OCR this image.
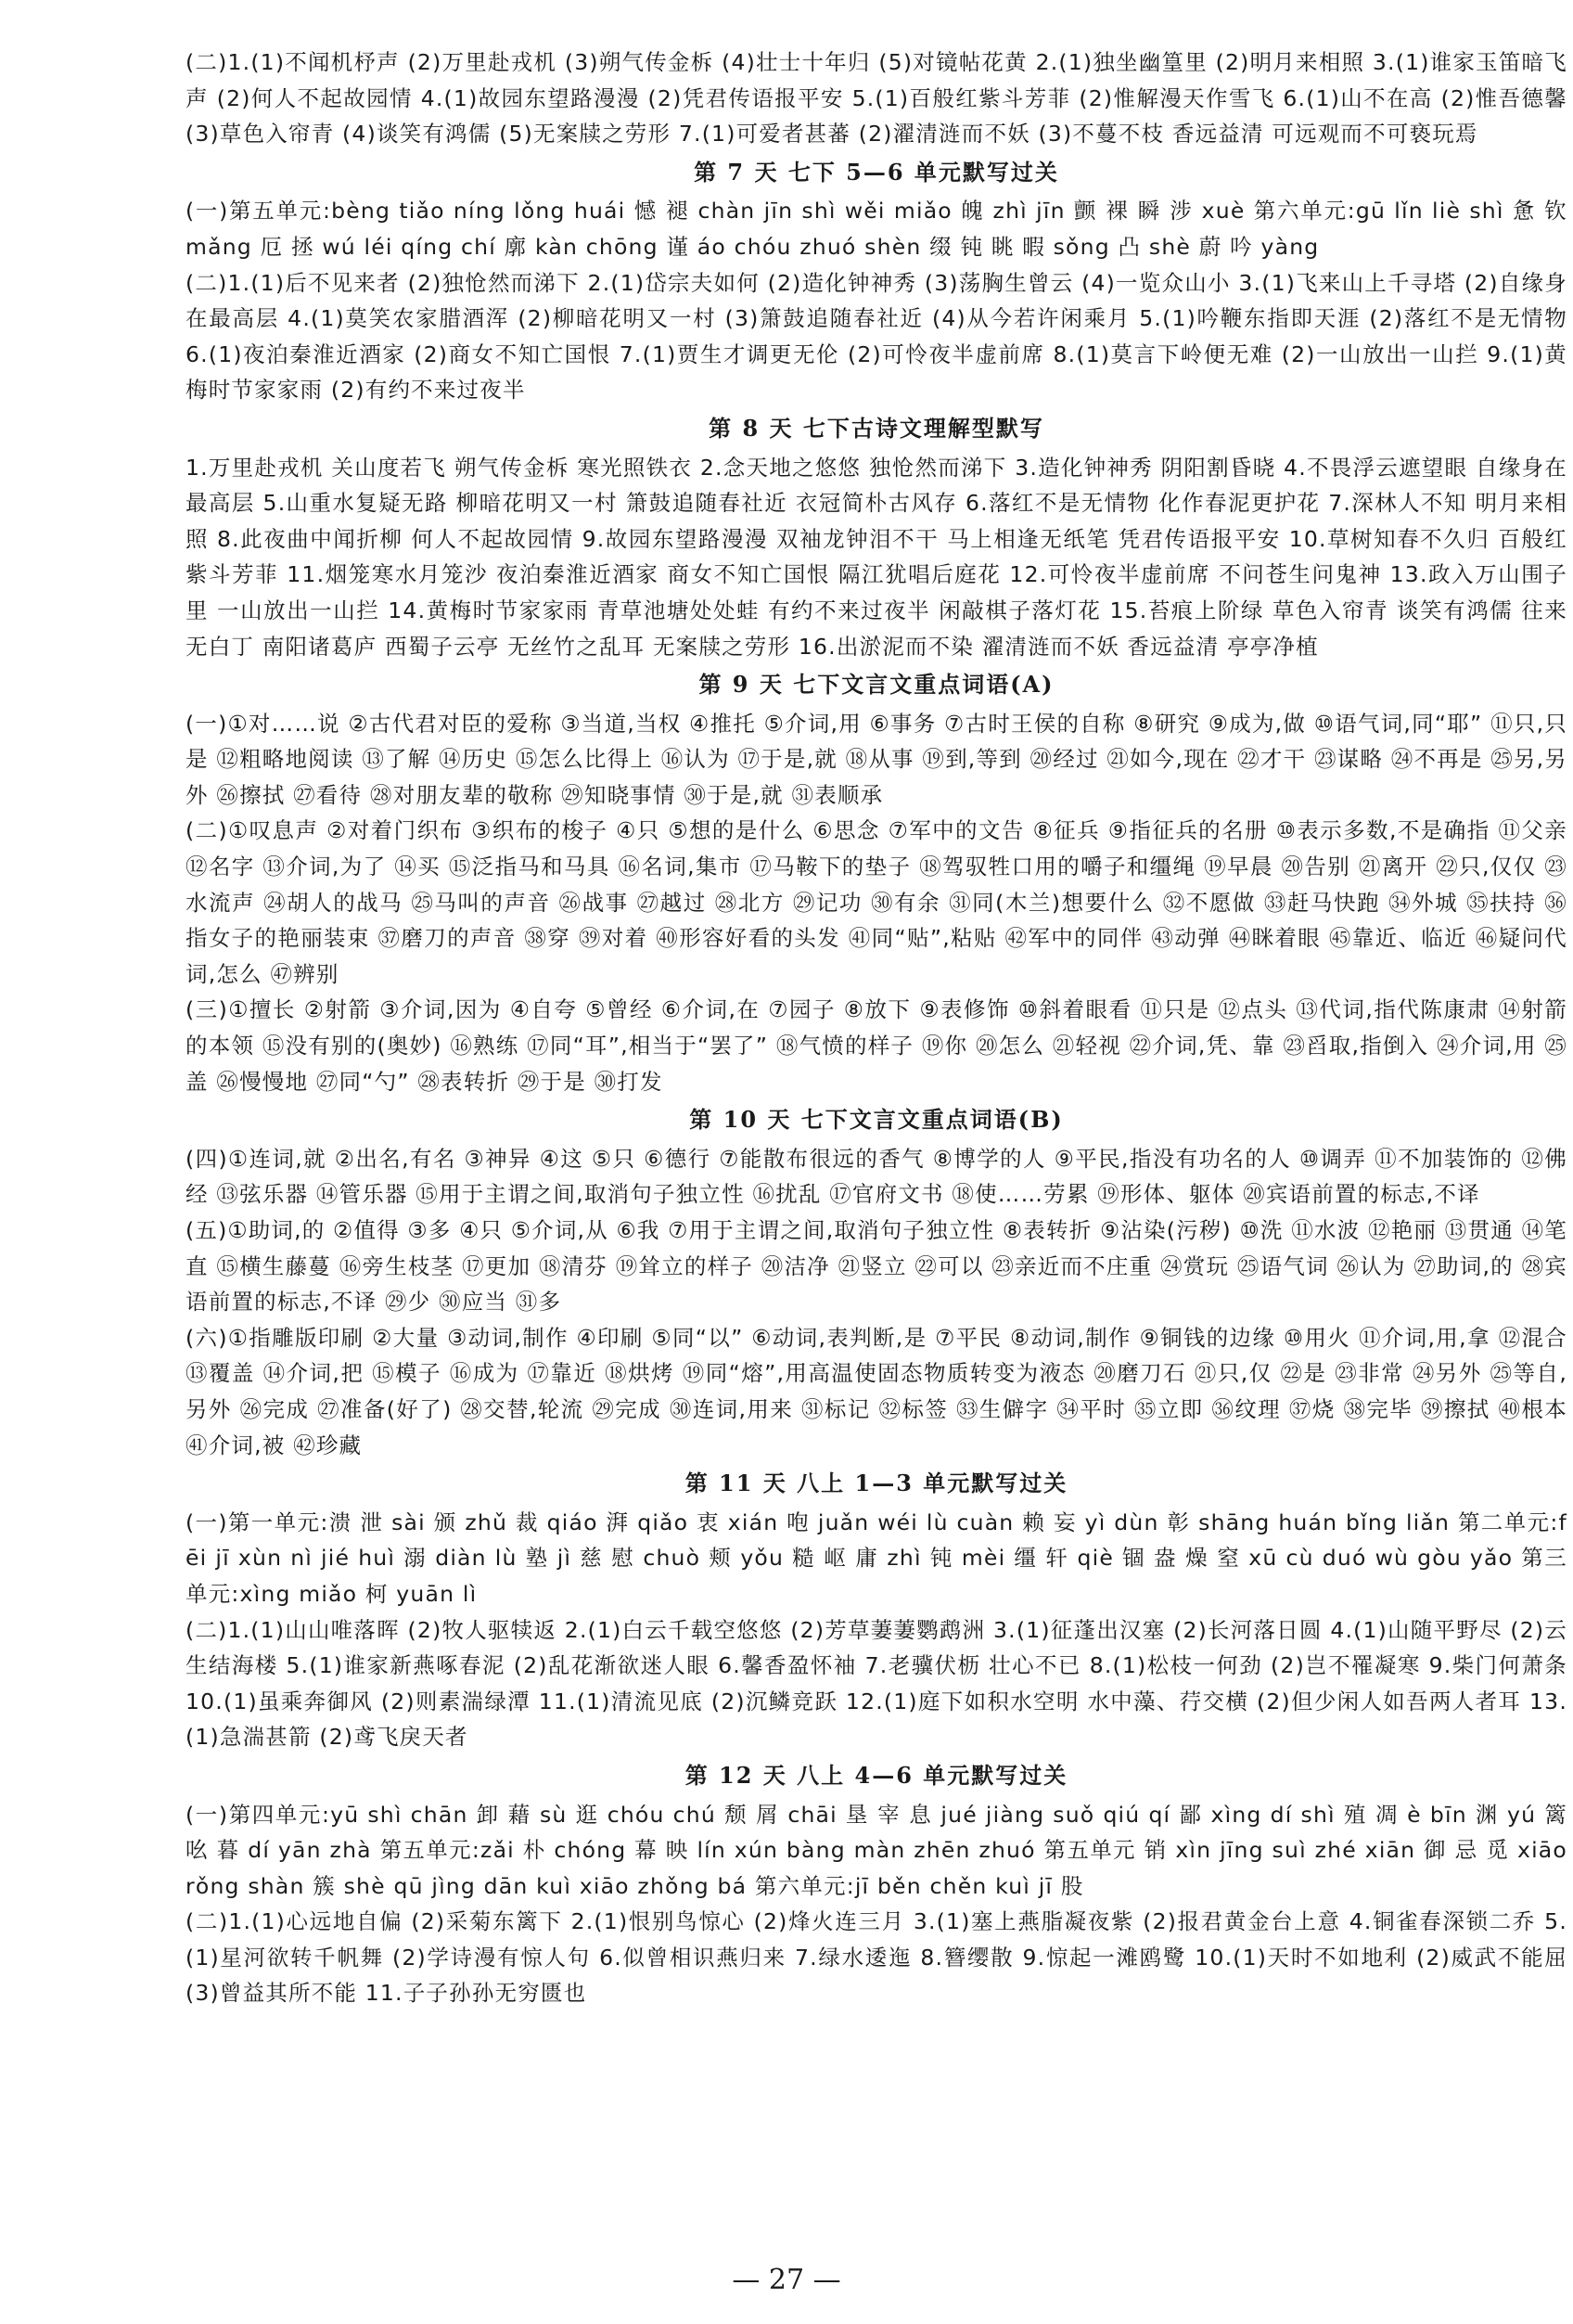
(二)1.(1)不闻机杼声 (2)万里赴戎机 (3)朔气传金柝 (4)壮士十年归 (5)对镜帖花黄 2.(1)独坐幽篁里 (2)明月来相照 3.(1)谁家玉笛暗飞声 (2)何人不起故园情 4.(1)故园东望路漫漫 (2)凭君传语报平安 5.(1)百般红紫斗芳菲 (2)惟解漫天作雪飞 6.(1)山不在高 (2)惟吾德馨 (3)草色入帘青 (4)谈笑有鸿儒 (5)无案牍之劳形 7.(1)可爱者甚蕃 (2)濯清涟而不妖 (3)不蔓不枝 香远益清 可远观而不可亵玩焉

第 7 天 七下 5—6 单元默写过关

(一)第五单元:bèng tiǎo níng lǒng huái 憾 褪 chàn jīn shì wěi miǎo 魄 zhì jīn 颤 裸 瞬 涉 xuè 第六单元:gū lǐn liè shì 惫 钦 mǎng 厄 拯 wú léi qíng chí 廓 kàn chōng 谨 áo chóu zhuó shèn 缀 钝 眺 暇 sǒng 凸 shè 蔚 吟 yàng

(二)1.(1)后不见来者 (2)独怆然而涕下 2.(1)岱宗夫如何 (2)造化钟神秀 (3)荡胸生曾云 (4)一览众山小 3.(1)飞来山上千寻塔 (2)自缘身在最高层 4.(1)莫笑农家腊酒浑 (2)柳暗花明又一村 (3)箫鼓追随春社近 (4)从今若许闲乘月 5.(1)吟鞭东指即天涯 (2)落红不是无情物 6.(1)夜泊秦淮近酒家 (2)商女不知亡国恨 7.(1)贾生才调更无伦 (2)可怜夜半虚前席 8.(1)莫言下岭便无难 (2)一山放出一山拦 9.(1)黄梅时节家家雨 (2)有约不来过夜半

第 8 天 七下古诗文理解型默写

1.万里赴戎机 关山度若飞 朔气传金柝 寒光照铁衣 2.念天地之悠悠 独怆然而涕下 3.造化钟神秀 阴阳割昏晓 4.不畏浮云遮望眼 自缘身在最高层 5.山重水复疑无路 柳暗花明又一村 箫鼓追随春社近 衣冠简朴古风存 6.落红不是无情物 化作春泥更护花 7.深林人不知 明月来相照 8.此夜曲中闻折柳 何人不起故园情 9.故园东望路漫漫 双袖龙钟泪不干 马上相逢无纸笔 凭君传语报平安 10.草树知春不久归 百般红紫斗芳菲 11.烟笼寒水月笼沙 夜泊秦淮近酒家 商女不知亡国恨 隔江犹唱后庭花 12.可怜夜半虚前席 不问苍生问鬼神 13.政入万山围子里 一山放出一山拦 14.黄梅时节家家雨 青草池塘处处蛙 有约不来过夜半 闲敲棋子落灯花 15.苔痕上阶绿 草色入帘青 谈笑有鸿儒 往来无白丁 南阳诸葛庐 西蜀子云亭 无丝竹之乱耳 无案牍之劳形 16.出淤泥而不染 濯清涟而不妖 香远益清 亭亭净植

第 9 天 七下文言文重点词语(A)

(一)①对……说 ②古代君对臣的爱称 ③当道,当权 ④推托 ⑤介词,用 ⑥事务 ⑦古时王侯的自称 ⑧研究 ⑨成为,做 ⑩语气词,同“耶” ⑪只,只是 ⑫粗略地阅读 ⑬了解 ⑭历史 ⑮怎么比得上 ⑯认为 ⑰于是,就 ⑱从事 ⑲到,等到 ⑳经过 ㉑如今,现在 ㉒才干 ㉓谋略 ㉔不再是 ㉕另,另外 ㉖擦拭 ㉗看待 ㉘对朋友辈的敬称 ㉙知晓事情 ㉚于是,就 ㉛表顺承

(二)①叹息声 ②对着门织布 ③织布的梭子 ④只 ⑤想的是什么 ⑥思念 ⑦军中的文告 ⑧征兵 ⑨指征兵的名册 ⑩表示多数,不是确指 ⑪父亲 ⑫名字 ⑬介词,为了 ⑭买 ⑮泛指马和马具 ⑯名词,集市 ⑰马鞍下的垫子 ⑱驾驭牲口用的嚼子和缰绳 ⑲早晨 ⑳告别 ㉑离开 ㉒只,仅仅 ㉓水流声 ㉔胡人的战马 ㉕马叫的声音 ㉖战事 ㉗越过 ㉘北方 ㉙记功 ㉚有余 ㉛同(木兰)想要什么 ㉜不愿做 ㉝赶马快跑 ㉞外城 ㉟扶持 ㊱指女子的艳丽装束 ㊲磨刀的声音 ㊳穿 ㊴对着 ㊵形容好看的头发 ㊶同“贴”,粘贴 ㊷军中的同伴 ㊸动弹 ㊹眯着眼 ㊺靠近、临近 ㊻疑问代词,怎么 ㊼辨别

(三)①擅长 ②射箭 ③介词,因为 ④自夸 ⑤曾经 ⑥介词,在 ⑦园子 ⑧放下 ⑨表修饰 ⑩斜着眼看 ⑪只是 ⑫点头 ⑬代词,指代陈康肃 ⑭射箭的本领 ⑮没有别的(奥妙) ⑯熟练 ⑰同“耳”,相当于“罢了” ⑱气愤的样子 ⑲你 ⑳怎么 ㉑轻视 ㉒介词,凭、靠 ㉓舀取,指倒入 ㉔介词,用 ㉕盖 ㉖慢慢地 ㉗同“勺” ㉘表转折 ㉙于是 ㉚打发

第 10 天 七下文言文重点词语(B)

(四)①连词,就 ②出名,有名 ③神异 ④这 ⑤只 ⑥德行 ⑦能散布很远的香气 ⑧博学的人 ⑨平民,指没有功名的人 ⑩调弄 ⑪不加装饰的 ⑫佛经 ⑬弦乐器 ⑭管乐器 ⑮用于主谓之间,取消句子独立性 ⑯扰乱 ⑰官府文书 ⑱使……劳累 ⑲形体、躯体 ⑳宾语前置的标志,不译

(五)①助词,的 ②值得 ③多 ④只 ⑤介词,从 ⑥我 ⑦用于主谓之间,取消句子独立性 ⑧表转折 ⑨沾染(污秽) ⑩洗 ⑪水波 ⑫艳丽 ⑬贯通 ⑭笔直 ⑮横生藤蔓 ⑯旁生枝茎 ⑰更加 ⑱清芬 ⑲耸立的样子 ⑳洁净 ㉑竖立 ㉒可以 ㉓亲近而不庄重 ㉔赏玩 ㉕语气词 ㉖认为 ㉗助词,的 ㉘宾语前置的标志,不译 ㉙少 ㉚应当 ㉛多

(六)①指雕版印刷 ②大量 ③动词,制作 ④印刷 ⑤同“以” ⑥动词,表判断,是 ⑦平民 ⑧动词,制作 ⑨铜钱的边缘 ⑩用火 ⑪介词,用,拿 ⑫混合 ⑬覆盖 ⑭介词,把 ⑮模子 ⑯成为 ⑰靠近 ⑱烘烤 ⑲同“熔”,用高温使固态物质转变为液态 ⑳磨刀石 ㉑只,仅 ㉒是 ㉓非常 ㉔另外 ㉕等自,另外 ㉖完成 ㉗准备(好了) ㉘交替,轮流 ㉙完成 ㉚连词,用来 ㉛标记 ㉜标签 ㉝生僻字 ㉞平时 ㉟立即 ㊱纹理 ㊲烧 ㊳完毕 ㊴擦拭 ㊵根本 ㊶介词,被 ㊷珍藏

第 11 天 八上 1—3 单元默写过关

(一)第一单元:溃 泄 sài 颁 zhǔ 裁 qiáo 湃 qiǎo 衷 xián 咆 juǎn wéi lù cuàn 赖 妄 yì dùn 彰 shāng huán bǐng liǎn 第二单元:fēi jī xùn nì jié huì 溺 diàn lù 塾 jì 慈 慰 chuò 颊 yǒu 糙 岖 庸 zhì 钝 mèi 缰 轩 qiè 锢 盎 燥 窒 xū cù duó wù gòu yǎo 第三单元:xìng miǎo 柯 yuān lì

(二)1.(1)山山唯落晖 (2)牧人驱犊返 2.(1)白云千载空悠悠 (2)芳草萋萋鹦鹉洲 3.(1)征蓬出汉塞 (2)长河落日圆 4.(1)山随平野尽 (2)云生结海楼 5.(1)谁家新燕啄春泥 (2)乱花渐欲迷人眼 6.馨香盈怀袖 7.老骥伏枥 壮心不已 8.(1)松枝一何劲 (2)岂不罹凝寒 9.柴门何萧条 10.(1)虽乘奔御风 (2)则素湍绿潭 11.(1)清流见底 (2)沉鳞竞跃 12.(1)庭下如积水空明 水中藻、荇交横 (2)但少闲人如吾两人者耳 13.(1)急湍甚箭 (2)鸢飞戾天者

第 12 天 八上 4—6 单元默写过关

(一)第四单元:yū shì chān 卸 藉 sù 逛 chóu chú 颓 屑 chāi 垦 宰 息 jué jiàng suǒ qiú qí 鄙 xìng dí shì 殖 凋 è bīn 渊 yú 篱 吆 暮 dí yān zhà 第五单元:zǎi 朴 chóng 幕 映 lín xún bàng màn zhēn zhuó 第五单元 销 xìn jīng suì zhé xiān 御 忌 觅 xiāo rǒng shàn 簇 shè qū jìng dān kuì xiāo zhǒng bá 第六单元:jī běn chěn kuì jī 股

(二)1.(1)心远地自偏 (2)采菊东篱下 2.(1)恨别鸟惊心 (2)烽火连三月 3.(1)塞上燕脂凝夜紫 (2)报君黄金台上意 4.铜雀春深锁二乔 5.(1)星河欲转千帆舞 (2)学诗漫有惊人句 6.似曾相识燕归来 7.绿水逶迤 8.簪缨散 9.惊起一滩鸥鹭 10.(1)天时不如地利 (2)威武不能屈 (3)曾益其所不能 11.子子孙孙无穷匮也

— 27 —
